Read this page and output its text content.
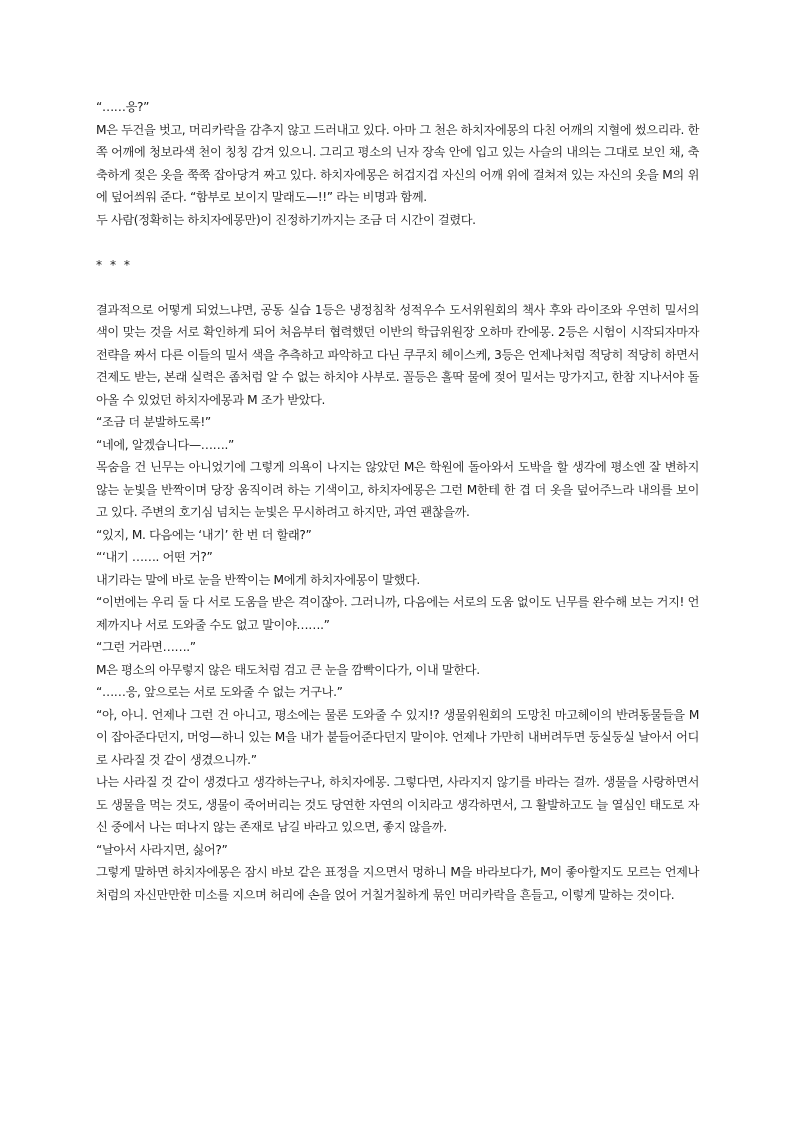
“……응?”

M은 두건을 벗고, 머리카락을 감추지 않고 드러내고 있다. 아마 그 천은 하치자에몽의 다친 어깨의 지혈에 썼으리라. 한쪽 어깨에 청보라색 천이 칭칭 감겨 있으니. 그리고 평소의 닌자 장속 안에 입고 있는 사슬의 내의는 그대로 보인 채, 축축하게 젖은 옷을 쭉쭉 잡아당겨 짜고 있다. 하치자에몽은 허겁지겁 자신의 어깨 위에 걸쳐져 있는 자신의 옷을 M의 위에 덮어씌워 준다. “함부로 보이지 말래도—!!” 라는 비명과 함께.

두 사람(정확히는 하치자에몽만)이 진정하기까지는 조금 더 시간이 걸렸다.

* * *

결과적으로 어떻게 되었느냐면, 공동 실습 1등은 냉정침착 성적우수 도서위원회의 책사 후와 라이조와 우연히 밀서의 색이 맞는 것을 서로 확인하게 되어 처음부터 협력했던 이반의 학급위원장 오하마 칸에몽. 2등은 시험이 시작되자마자 전략을 짜서 다른 이들의 밀서 색을 추측하고 파악하고 다닌 쿠쿠치 헤이스케, 3등은 언제나처럼 적당히 적당히 하면서 견제도 받는, 본래 실력은 좀처럼 알 수 없는 하치야 사부로. 꼴등은 홀딱 물에 젖어 밀서는 망가지고, 한참 지나서야 돌아올 수 있었던 하치자에몽과 M 조가 받았다.

“조금 더 분발하도록!”

“네에, 알겠습니다—…….”

목숨을 건 닌무는 아니었기에 그렇게 의욕이 나지는 않았던 M은 학원에 돌아와서 도박을 할 생각에 평소엔 잘 변하지 않는 눈빛을 반짝이며 당장 움직이려 하는 기색이고, 하치자에몽은 그런 M한테 한 겹 더 옷을 덮어주느라 내의를 보이고 있다. 주변의 호기심 넘치는 눈빛은 무시하려고 하지만, 과연 괜찮을까.

“있지, M. 다음에는 ‘내기’ 한 번 더 할래?”

“‘내기 ……. 어떤 거?”

내기라는 말에 바로 눈을 반짝이는 M에게 하치자에몽이 말했다.

“이번에는 우리 둘 다 서로 도움을 받은 격이잖아. 그러니까, 다음에는 서로의 도움 없이도 닌무를 완수해 보는 거지! 언제까지나 서로 도와줄 수도 없고 말이야…….”

“그런 거라면…….”

M은 평소의 아무렇지 않은 태도처럼 검고 큰 눈을 깜빡이다가, 이내 말한다.

“……응, 앞으로는 서로 도와줄 수 없는 거구나.”

“아, 아니. 언제나 그런 건 아니고, 평소에는 물론 도와줄 수 있지!? 생물위원회의 도망친 마고헤이의 반려동물들을 M이 잡아준다던지, 머엉—하니 있는 M을 내가 붙들어준다던지 말이야. 언제나 가만히 내버려두면 둥실둥실 날아서 어디로 사라질 것 같이 생겼으니까.”

나는 사라질 것 같이 생겼다고 생각하는구나, 하치자에몽. 그렇다면, 사라지지 않기를 바라는 걸까. 생물을 사랑하면서도 생물을 먹는 것도, 생물이 죽어버리는 것도 당연한 자연의 이치라고 생각하면서, 그 활발하고도 늘 열심인 태도로 자신 중에서 나는 떠나지 않는 존재로 남길 바라고 있으면, 좋지 않을까.

“날아서 사라지면, 싫어?”

그렇게 말하면 하치자에몽은 잠시 바보 같은 표정을 지으면서 멍하니 M을 바라보다가, M이 좋아할지도 모르는 언제나처럼의 자신만만한 미소를 지으며 허리에 손을 얹어 거칠거칠하게 묶인 머리카락을 흔들고, 이렇게 말하는 것이다.
